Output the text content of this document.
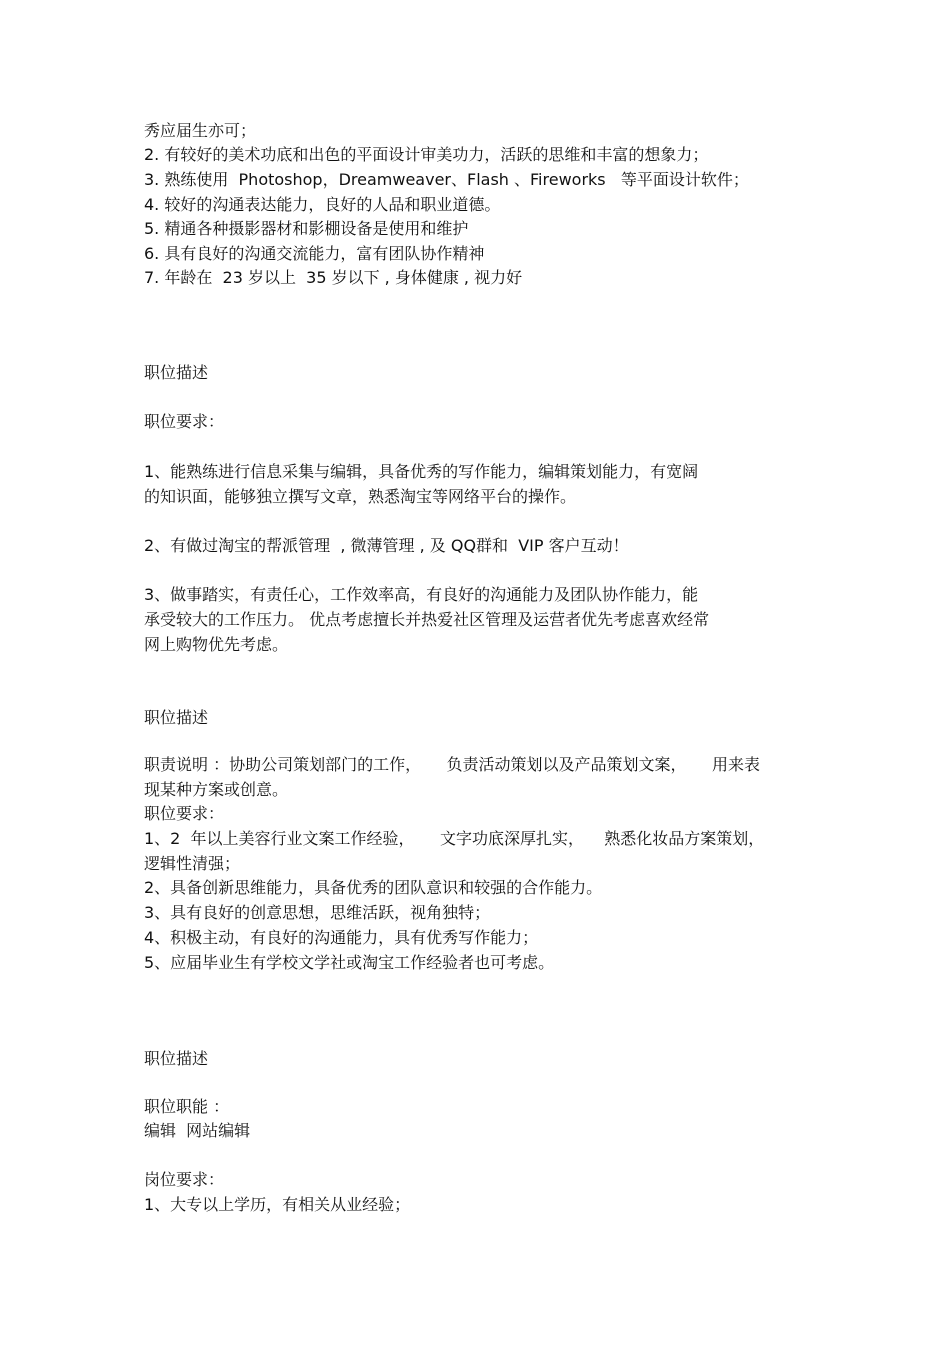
秀应届生亦可；
2. 有较好的美术功底和出色的平面设计审美功力，活跃的思维和丰富的想象力；
3. 熟练使用  Photoshop，Dreamweaver、Flash 、Fireworks   等平面设计软件；
4. 较好的沟通表达能力，良好的人品和职业道德。
5. 精通各种摄影器材和影棚设备是使用和维护
6. 具有良好的沟通交流能力，富有团队协作精神
7. 年龄在  23 岁以上  35 岁以下 , 身体健康 , 视力好
职位描述
职位要求：
1、能熟练进行信息采集与编辑，具备优秀的写作能力，编辑策划能力，有宽阔
的知识面，能够独立撰写文章，熟悉淘宝等网络平台的操作。
2、有做过淘宝的帮派管理  , 微薄管理 , 及 QQ群和  VIP 客户互动！
3、做事踏实，有责任心，工作效率高，有良好的沟通能力及团队协作能力，能
承受较大的工作压力。 优点考虑擅长并热爱社区管理及运营者优先考虑喜欢经常
网上购物优先考虑。
职位描述
职责说明 ：协助公司策划部门的工作，     负责活动策划以及产品策划文案，     用来表
现某种方案或创意。
职位要求：
1、2  年以上美容行业文案工作经验，     文字功底深厚扎实，    熟悉化妆品方案策划，
逻辑性清强；
2、具备创新思维能力，具备优秀的团队意识和较强的合作能力。
3、具有良好的创意思想，思维活跃，视角独特；
4、积极主动，有良好的沟通能力，具有优秀写作能力；
5、应届毕业生有学校文学社或淘宝工作经验者也可考虑。
职位描述
职位职能 ：
编辑  网站编辑
岗位要求：
1、大专以上学历，有相关从业经验；
